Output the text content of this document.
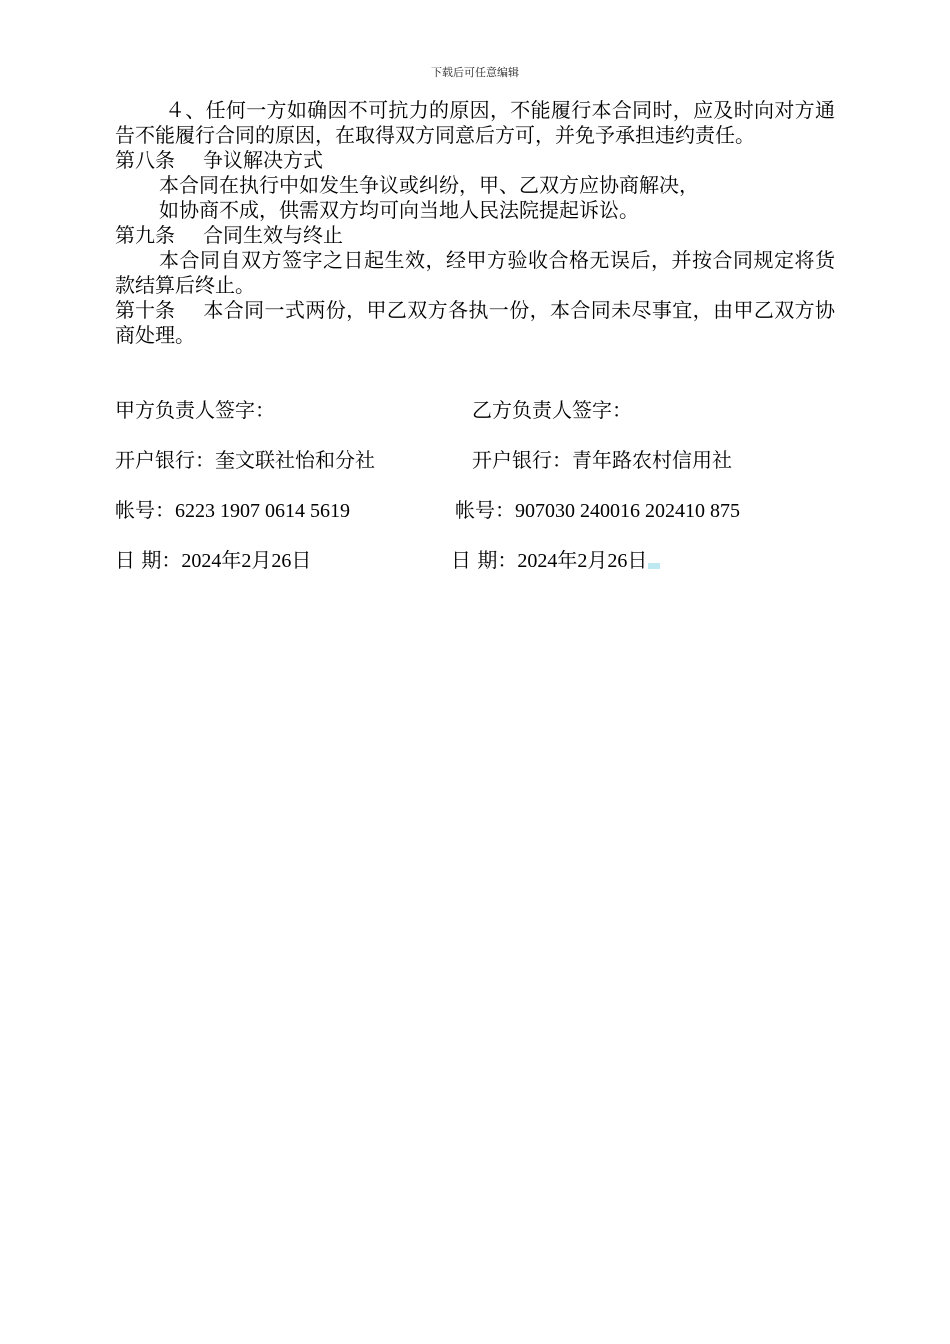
下载后可任意编辑

４、任何一方如确因不可抗力的原因，不能履行本合同时，应及时向对方通告不能履行合同的原因，在取得双方同意后方可，并免予承担违约责任。

第八条 争议解决方式

本合同在执行中如发生争议或纠纷，甲、乙双方应协商解决，

如协商不成，供需双方均可向当地人民法院提起诉讼。

第九条 合同生效与终止

本合同自双方签字之日起生效，经甲方验收合格无误后，并按合同规定将货款结算后终止。

第十条 本合同一式两份，甲乙双方各执一份，本合同未尽事宜，由甲乙双方协商处理。

甲方负责人签字：
开户银行：奎文联社怡和分社
帐号：6223 1907 0614 5619
日 期：2024年2月26日
乙方负责人签字：
开户银行：青年路农村信用社
帐号：907030 240016 202410 875
日 期：2024年2月26日
